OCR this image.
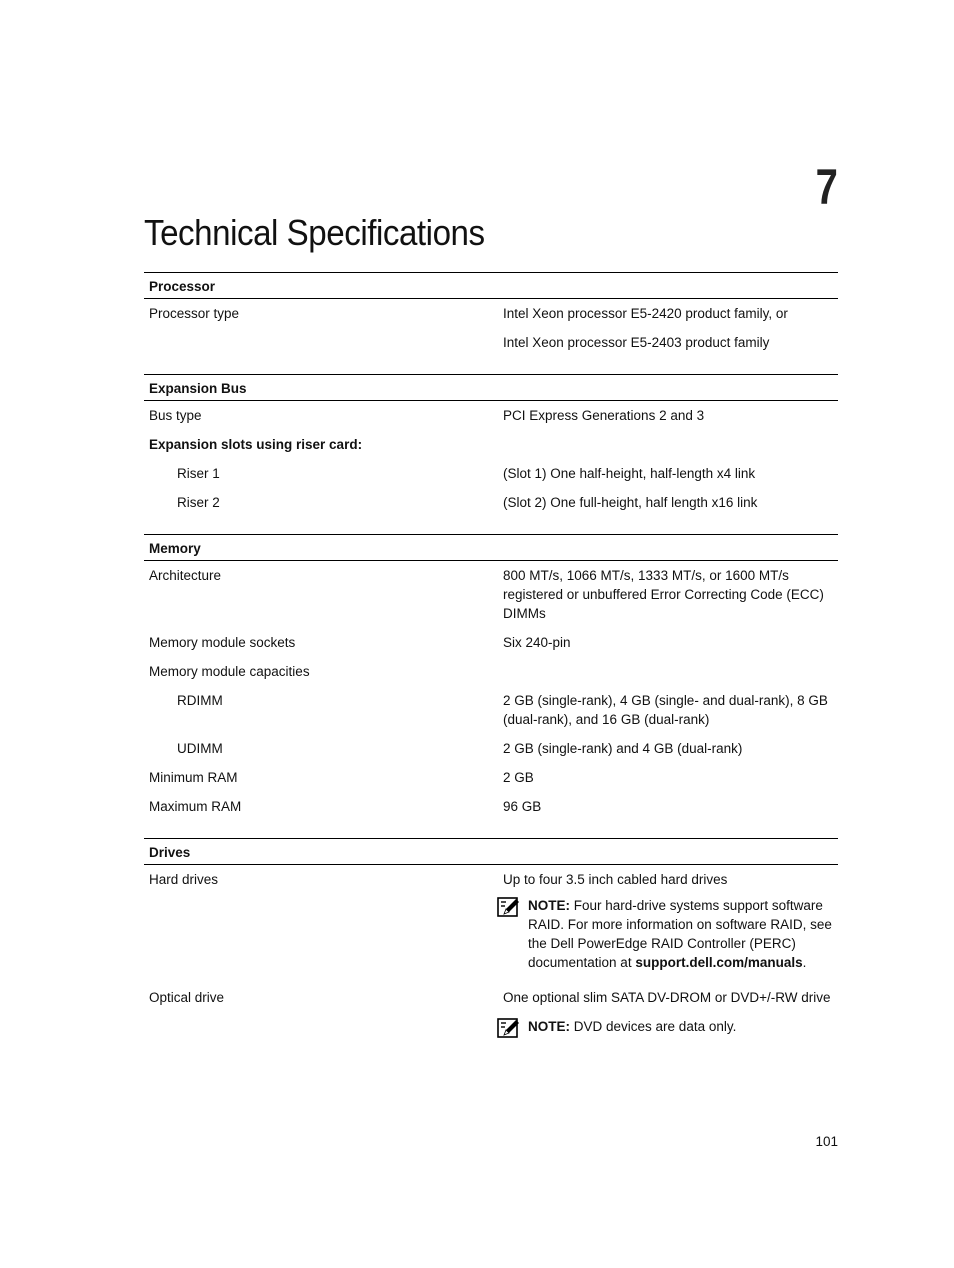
7
Technical Specifications
Processor
Processor type	Intel Xeon processor E5-2420 product family, or
Intel Xeon processor E5-2403 product family
Expansion Bus
Bus type	PCI Express Generations 2 and 3
Expansion slots using riser card:
Riser 1	(Slot 1) One half-height, half-length x4 link
Riser 2	(Slot 2) One full-height, half length x16 link
Memory
Architecture	800 MT/s, 1066 MT/s, 1333 MT/s, or 1600 MT/s registered or unbuffered Error Correcting Code (ECC) DIMMs
Memory module sockets	Six 240-pin
Memory module capacities
RDIMM	2 GB (single-rank), 4 GB (single- and dual-rank), 8 GB (dual-rank), and 16 GB (dual-rank)
UDIMM	2 GB (single-rank) and 4 GB (dual-rank)
Minimum RAM	2 GB
Maximum RAM	96 GB
Drives
Hard drives	Up to four 3.5 inch cabled hard drives
NOTE: Four hard-drive systems support software RAID. For more information on software RAID, see the Dell PowerEdge RAID Controller (PERC) documentation at support.dell.com/manuals.
Optical drive	One optional slim SATA DV-DROM or DVD+/-RW drive
NOTE: DVD devices are data only.
101
